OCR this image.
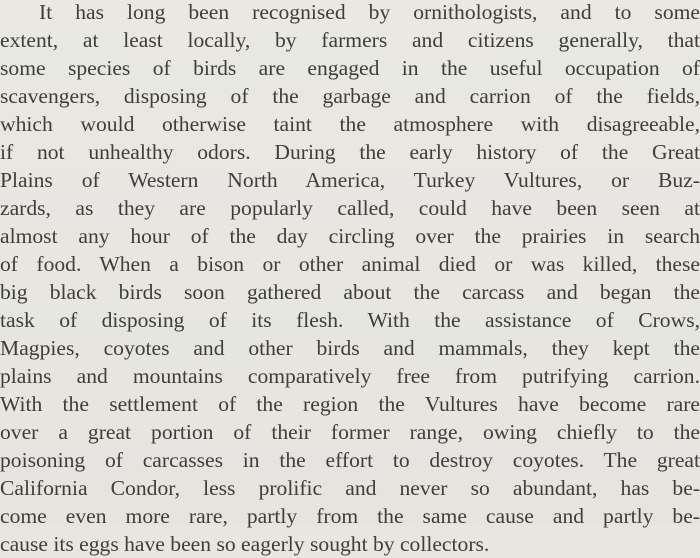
It has long been recognised by ornithologists, and to some
extent, at least locally, by farmers and citizens generally, that
some species of birds are engaged in the useful occupation of
scavengers, disposing of the garbage and carrion of the fields,
which would otherwise taint the atmosphere with disagreeable,
if not unhealthy odors. During the early history of the Great
Plains of Western North America, Turkey Vultures, or Buz-
zards, as they are popularly called, could have been seen at
almost any hour of the day circling over the prairies in search
of food. When a bison or other animal died or was killed, these
big black birds soon gathered about the carcass and began the
task of disposing of its flesh. With the assistance of Crows,
Magpies, coyotes and other birds and mammals, they kept the
plains and mountains comparatively free from putrifying carrion.
With the settlement of the region the Vultures have become rare
over a great portion of their former range, owing chiefly to the
poisoning of carcasses in the effort to destroy coyotes. The great
California Condor, less prolific and never so abundant, has be-
come even more rare, partly from the same cause and partly be-
cause its eggs have been so eagerly sought by collectors.
